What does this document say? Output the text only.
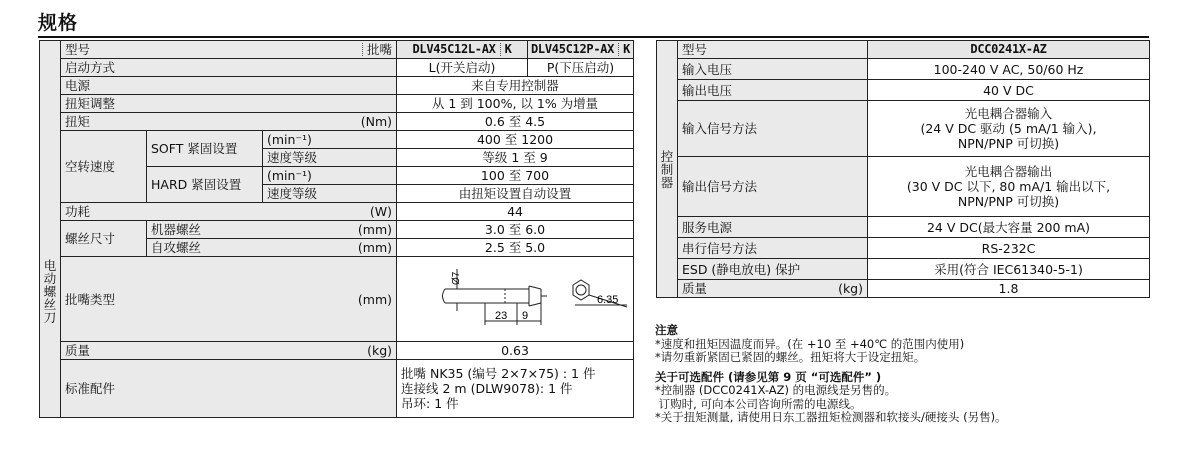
规格
电动螺丝刀	型号 批嘴			DLV45C12L-AX K	DLV45C12P-AX K

	启动方式			L(开关启动)	P(下压启动)
	电源			来自专用控制器	
	扭矩调整			从 1 到 100%, 以 1% 为增量	

	扭矩 (Nm)			0.6 至 4.5	
	空转速度	SOFT 紧固设置	(min⁻¹)	400 至 1200	
			速度等级	等级 1 至 9	
		HARD 紧固设置	(min⁻¹)	100 至 700	
			速度等级	由扭矩设置自动设置	

	功耗 (W)			44	
	螺丝尺寸	机器螺丝 (mm)		3.0 至 6.0	

		自攻螺丝 (mm)		2.5 至 5.0	

	批嘴类型 (mm)			Ø7
23 9
6.35	

	质量 (kg)			0.63	
	标准配件			批嘴 NK35 (编号 2×7×75) : 1 件
连接线 2 m (DLW9078): 1 件
吊环: 1 件	
控制器	型号	DCC0241X-AZ
	输入电压	100-240 V AC, 50/60 Hz
	输出电压	40 V DC
	输入信号方法	光电耦合器输入
(24 V DC 驱动 (5 mA/1 输入),
NPN/PNP 可切换)

	输出信号方法	光电耦合器输出
(30 V DC 以下, 80 mA/1 输出以下,
NPN/PNP 可切换)

	服务电源	24 V DC(最大容量 200 mA)
	串行信号方法	RS-232C
	ESD (静电放电) 保护	采用(符合 IEC61340-5-1)

	质量 (kg)	1.8
注意
*速度和扭矩因温度而异。(在 +10 至 +40℃ 的范围内使用)
*请勿重新紧固已紧固的螺丝。扭矩将大于设定扭矩。
关于可选配件 (请参见第 9 页 “可选配件” )
*控制器 (DCC0241X-AZ) 的电源线是另售的。
订购时, 可向本公司咨询所需的电源线。
*关于扭矩测量, 请使用日东工器扭矩检测器和软接头/硬接头 (另售)。
